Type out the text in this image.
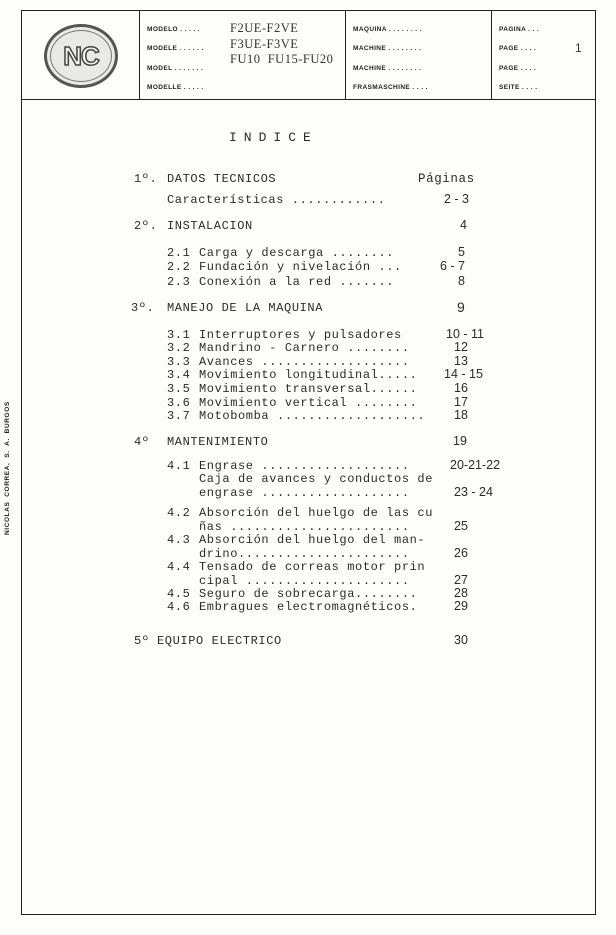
NC
MODELO . . . . .
MODELE . . . . . .
MODEL . . . . . . .
MODELLE . . . . .
F2UE-F2VE
F3UE-F3VE
FU10  FU15-FU20
MAQUINA . . . . . . . .
MACHINE . . . . . . . .
MACHINE . . . . . . . .
FRASMASCHINE . . . .
PAGINA . . .
PAGE . . . .
PAGE . . . .
SEITE . . . .
1
NICOLAS  CORREA,  S.  A.  BURGOS
INDICE
1º. DATOS TECNICOS	Páginas
Características ............	2 - 3
2º. INSTALACION	4
2.1 Carga y descarga ........	5
2.2 Fundación y nivelación ...	6 - 7
2.3 Conexión a la red .......	8
3º. MANEJO DE LA MAQUINA	9
3.1 Interruptores y pulsadores	10 - 11
3.2 Mandrino - Carnero ........	12
3.3 Avances ...................	13
3.4 Movimiento longitudinal..... 14 - 15
3.5 Movimiento transversal......	16
3.6 Movimiento vertical ........	17
3.7 Motobomba ................... 18
4º MANTENIMIENTO	19
4.1 Engrase ...................	20-21-22
Caja de avances y conductos de
engrase ...................	23 - 24
4.2 Absorción del huelgo de las cu
ñas .......................	25
4.3 Absorción del huelgo del man-
drino......................	26
4.4 Tensado de correas motor prin
cipal .....................	27
4.5 Seguro de sobrecarga........	28
4.6 Embragues electromagnéticos.	29
5º EQUIPO ELECTRICO	30
